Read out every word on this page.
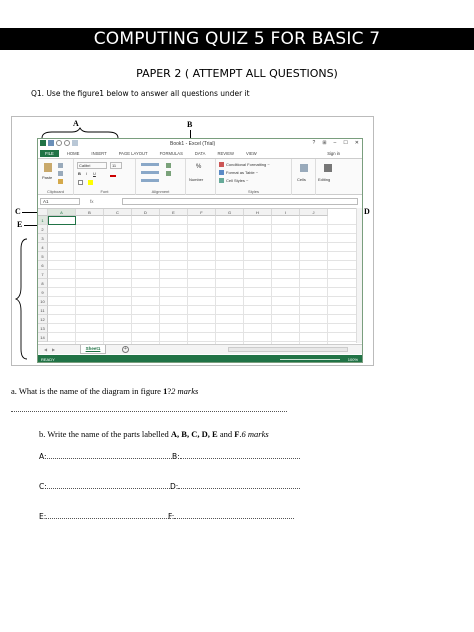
COMPUTING QUIZ 5 FOR BASIC 7
PAPER 2 ( ATTEMPT ALL QUESTIONS)
Q1. Use the figure1 below to answer all questions under it
A	B
C	D
E
Book1 - Excel (Trial)	? ⊞ – ☐ ✕
FILE	HOME	INSERT	PAGE LAYOUT	FORMULAS	DATA	REVIEW	VIEW	Sign in
Paste
Clipboard
Calibri	11
B I U
Font	Alignment
%
Number
Conditional Formatting ~
Format as Table ~
Cell Styles ~
Styles
Cells	Editing
A1	fx
A	B	C	D	E	F	G	H	I	J
1
2
3
4
5
6
7
8
9
10
11
12
13
14
◀ ▶	Sheet1	+
READY	100%
a. What is the name of the diagram in figure 1?2 marks
b. Write the name of the parts labelled A, B, C, D, E and F.6 marks
A:	B:
C:	D:
E:	F:
